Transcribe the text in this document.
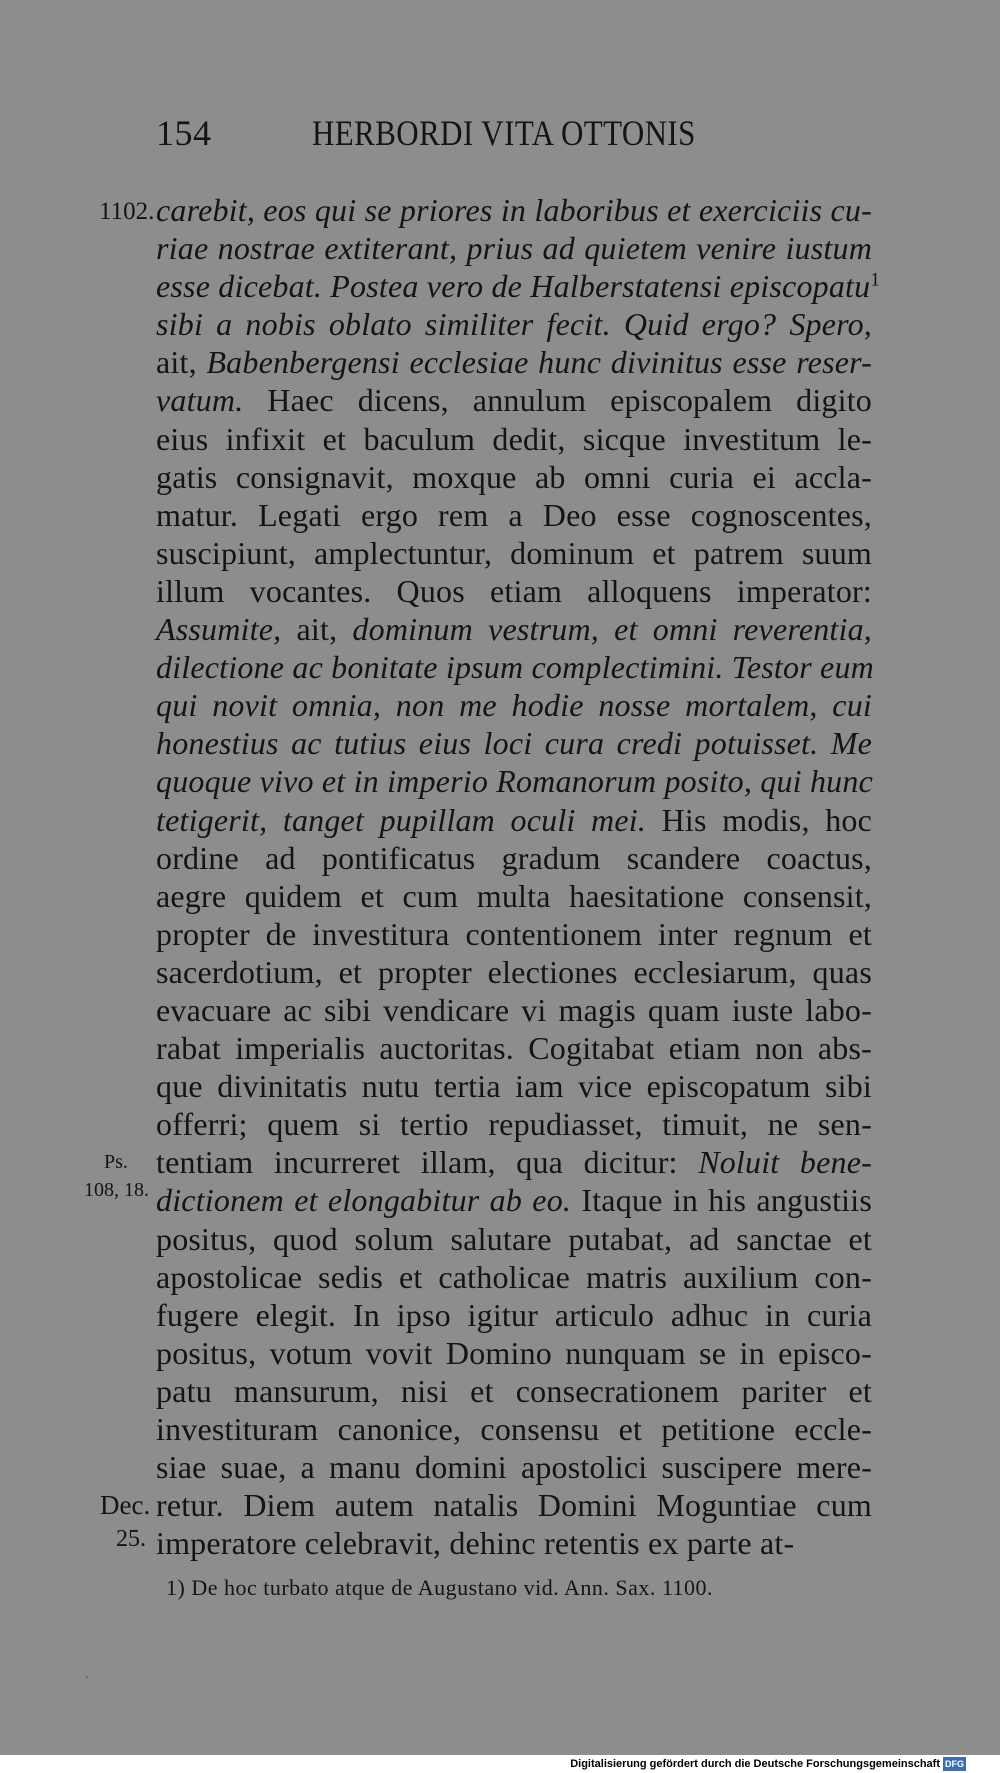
154	HERBORDI VITA OTTONIS
1102.
Ps.
108, 18.
Dec.
25.
carebit, eos qui se priores in laboribus et exerciciis cu-
riae nostrae extiterant, prius ad quietem venire iustum
esse dicebat. Postea vero de Halberstatensi episcopatu$^1$
sibi a nobis oblato similiter fecit. Quid ergo? Spero,
ait, Babenbergensi ecclesiae hunc divinitus esse reser-
vatum. Haec dicens, annulum episcopalem digito
eius infixit et baculum dedit, sicque investitum le-
gatis consignavit, moxque ab omni curia ei accla-
matur. Legati ergo rem a Deo esse cognoscentes,
suscipiunt, amplectuntur, dominum et patrem suum
illum vocantes. Quos etiam alloquens imperator:
Assumite, ait, dominum vestrum, et omni reverentia,
dilectione ac bonitate ipsum complectimini. Testor eum
qui novit omnia, non me hodie nosse mortalem, cui
honestius ac tutius eius loci cura credi potuisset. Me
quoque vivo et in imperio Romanorum posito, qui hunc
tetigerit, tanget pupillam oculi mei. His modis, hoc
ordine ad pontificatus gradum scandere coactus,
aegre quidem et cum multa haesitatione consensit,
propter de investitura contentionem inter regnum et
sacerdotium, et propter electiones ecclesiarum, quas
evacuare ac sibi vendicare vi magis quam iuste labo-
rabat imperialis auctoritas. Cogitabat etiam non abs-
que divinitatis nutu tertia iam vice episcopatum sibi
offerri; quem si tertio repudiasset, timuit, ne sen-
tentiam incurreret illam, qua dicitur: Noluit bene-
dictionem et elongabitur ab eo. Itaque in his angustiis
positus, quod solum salutare putabat, ad sanctae et
apostolicae sedis et catholicae matris auxilium con-
fugere elegit. In ipso igitur articulo adhuc in curia
positus, votum vovit Domino nunquam se in episco-
patu mansurum, nisi et consecrationem pariter et
investituram canonice, consensu et petitione eccle-
siae suae, a manu domini apostolici suscipere mere-
retur. Diem autem natalis Domini Moguntiae cum
imperatore celebravit, dehinc retentis ex parte at-
1) De hoc turbato atque de Augustano vid. Ann. Sax. 1100.
Digitalisierung gefördert durch die Deutsche Forschungsgemeinschaft DFG
